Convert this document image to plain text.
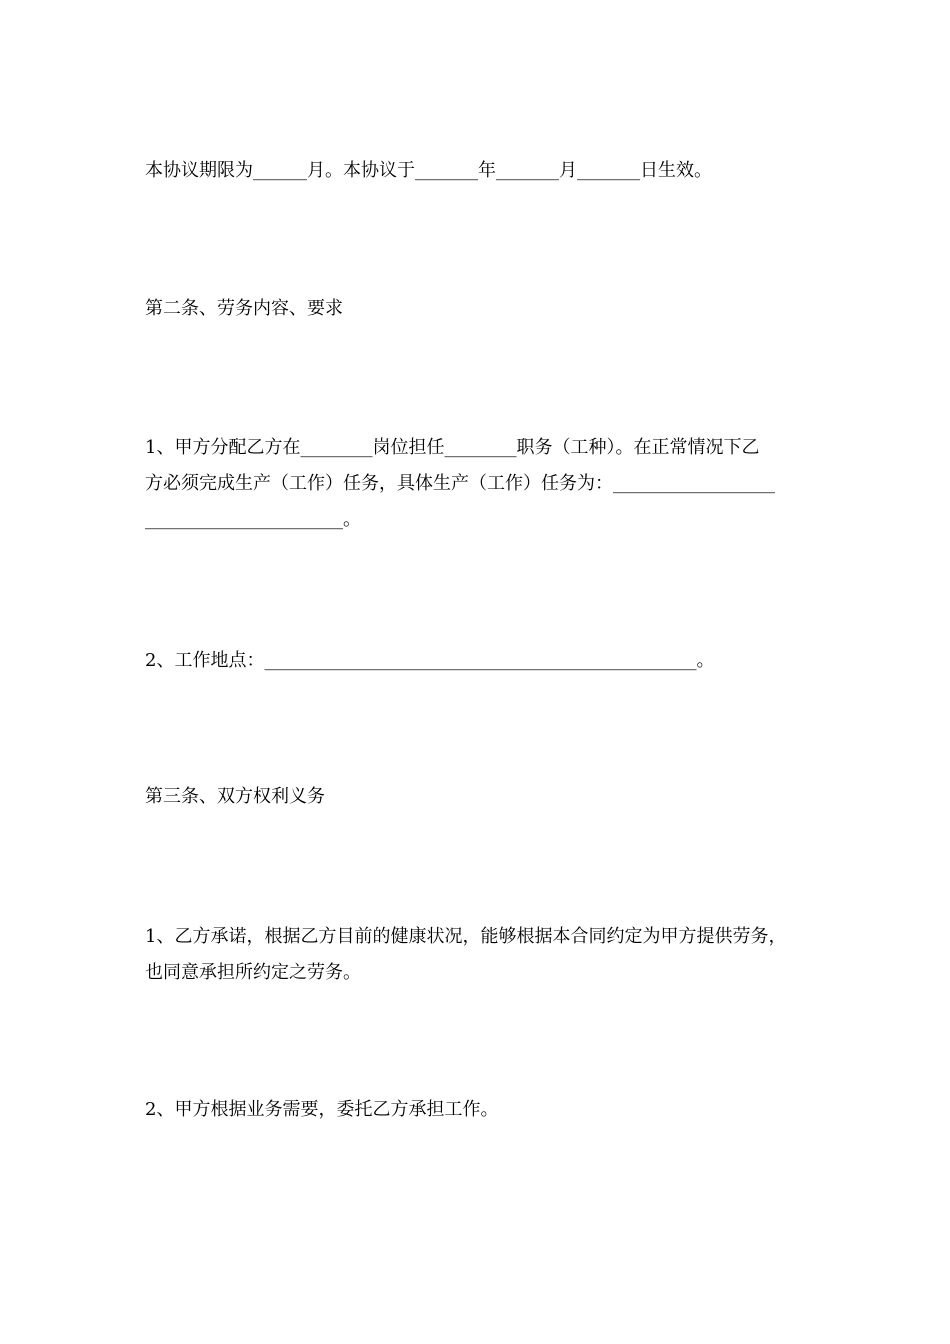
本协议期限为______月。本协议于_______年_______月_______日生效。

第二条、劳务内容、要求

1、甲方分配乙方在________岗位担任________职务（工种）。在正常情况下乙
方必须完成生产（工作）任务，具体生产（工作）任务为：__________________
______________________。

2、工作地点：________________________________________________。

第三条、双方权利义务

1、乙方承诺，根据乙方目前的健康状况，能够根据本合同约定为甲方提供劳务，
也同意承担所约定之劳务。

2、甲方根据业务需要，委托乙方承担工作。
